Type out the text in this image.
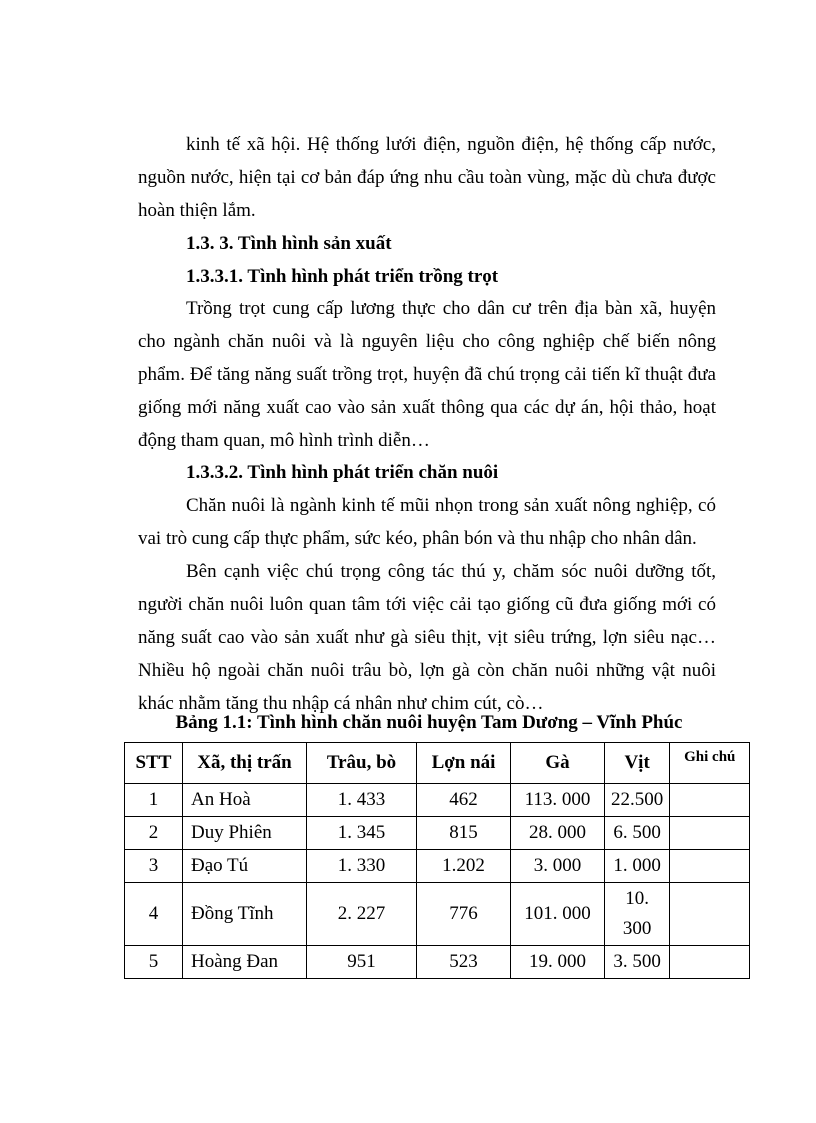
kinh tế xã hội. Hệ thống lưới điện, nguồn điện, hệ thống cấp nước,
nguồn nước, hiện tại cơ bản đáp ứng nhu cầu toàn vùng, mặc dù chưa được
hoàn thiện lắm.
1.3. 3. Tình hình sản xuất
1.3.3.1. Tình hình phát triển trồng trọt
Trồng trọt cung cấp lương thực cho dân cư trên địa bàn xã, huyện
cho ngành chăn nuôi và là nguyên liệu cho công nghiệp chế biến nông
phẩm. Để tăng năng suất trồng trọt, huyện đã chú trọng cải tiến kĩ thuật đưa
giống mới năng xuất cao vào sản xuất thông qua các dự án, hội thảo, hoạt
động tham quan, mô hình trình diễn…
1.3.3.2. Tình hình phát triển chăn nuôi
Chăn nuôi là ngành kinh tế mũi nhọn trong sản xuất nông nghiệp, có
vai trò cung cấp thực phẩm, sức kéo, phân bón và thu nhập cho nhân dân.
Bên cạnh việc chú trọng công tác thú y, chăm sóc nuôi dưỡng tốt,
người chăn nuôi luôn quan tâm tới việc cải tạo giống cũ đưa giống mới có
năng suất cao vào sản xuất như gà siêu thịt, vịt siêu trứng, lợn siêu nạc…
Nhiều hộ ngoài chăn nuôi trâu bò, lợn gà còn chăn nuôi những vật nuôi
khác nhằm tăng thu nhập cá nhân như chim cút, cò…
Bảng 1.1: Tình hình chăn nuôi huyện Tam Dương – Vĩnh Phúc
STT	Xã, thị trấn	Trâu, bò	Lợn nái	Gà	Vịt	Ghi chú
1	An Hoà	1. 433	462	113. 000	22.500	
2	Duy Phiên	1. 345	815	28. 000	6. 500	
3	Đạo Tú	1. 330	1.202	3. 000	1. 000	
4	Đồng Tĩnh	2. 227	776	101. 000	10. 300	
5	Hoàng Đan	951	523	19. 000	3. 500	
